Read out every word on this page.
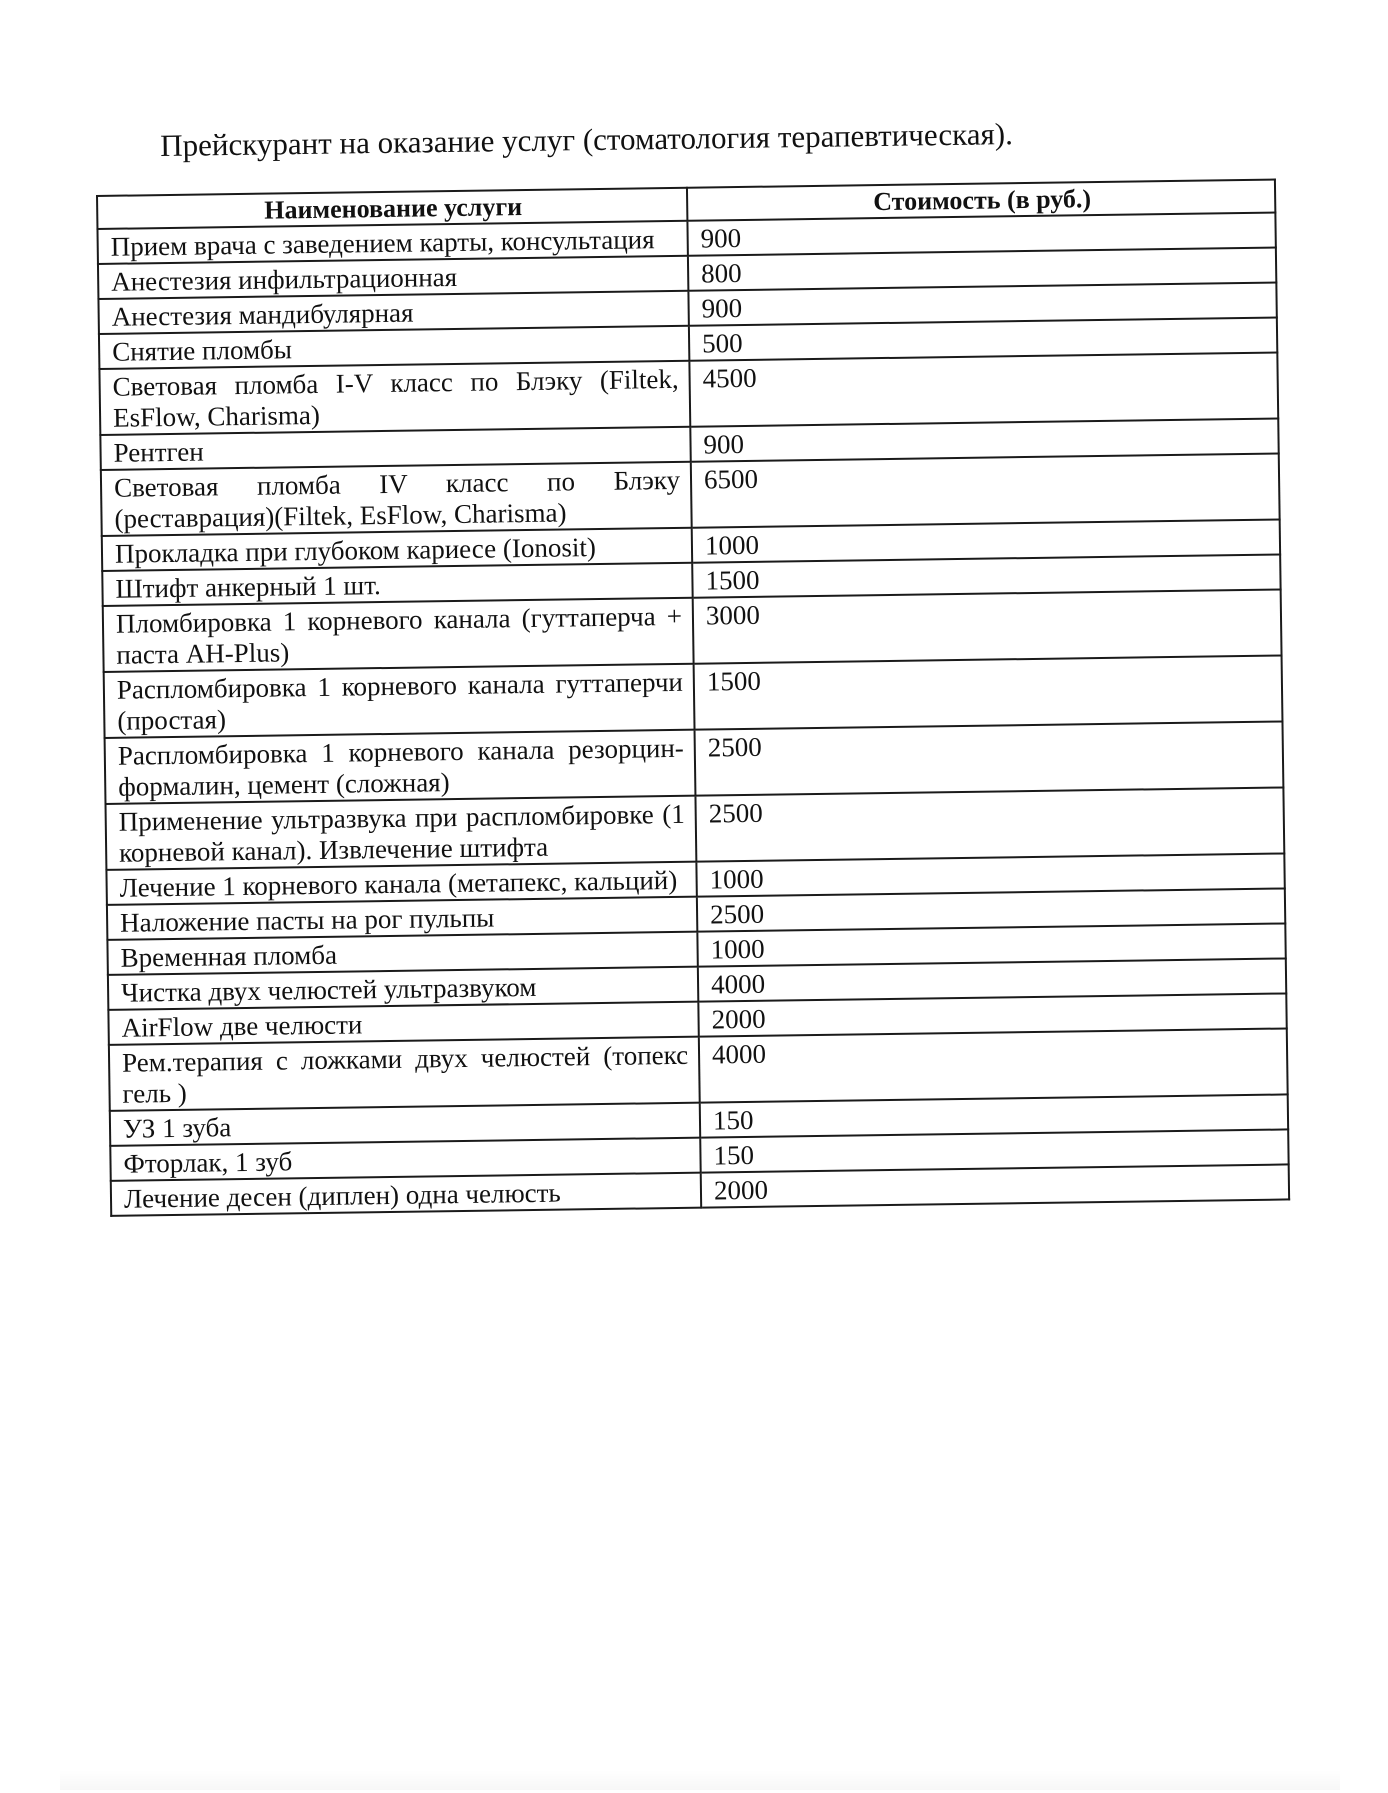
Прейскурант на оказание услуг (стоматология терапевтическая).
Наименование услуги	Стоимость (в руб.)
Прием врача с заведением карты, консультация	900
Анестезия инфильтрационная	800
Анестезия мандибулярная	900
Снятие пломбы	500
Световая пломба I-V класс по Блэку (Filtek, EsFlow, Charisma)	4500
Рентген	900
Световая пломба IV класс по Блэку (реставрация)(Filtek, EsFlow, Charisma)	6500
Прокладка при глубоком кариесе (Ionosit)	1000
Штифт анкерный 1 шт.	1500
Пломбировка 1 корневого канала (гуттаперча + паста AH-Plus)	3000
Распломбировка 1 корневого канала гуттаперчи (простая)	1500
Распломбировка 1 корневого канала резорцин-формалин, цемент (сложная)	2500
Применение ультразвука при распломбировке (1 корневой канал). Извлечение штифта	2500
Лечение 1 корневого канала (метапекс, кальций)	1000
Наложение пасты на рог пульпы	2500
Временная пломба	1000
Чистка двух челюстей ультразвуком	4000
AirFlow две челюсти	2000
Рем.терапия с ложками двух челюстей (топекс гель )	4000
УЗ 1 зуба	150
Фторлак, 1 зуб	150
Лечение десен (диплен) одна челюсть	2000
